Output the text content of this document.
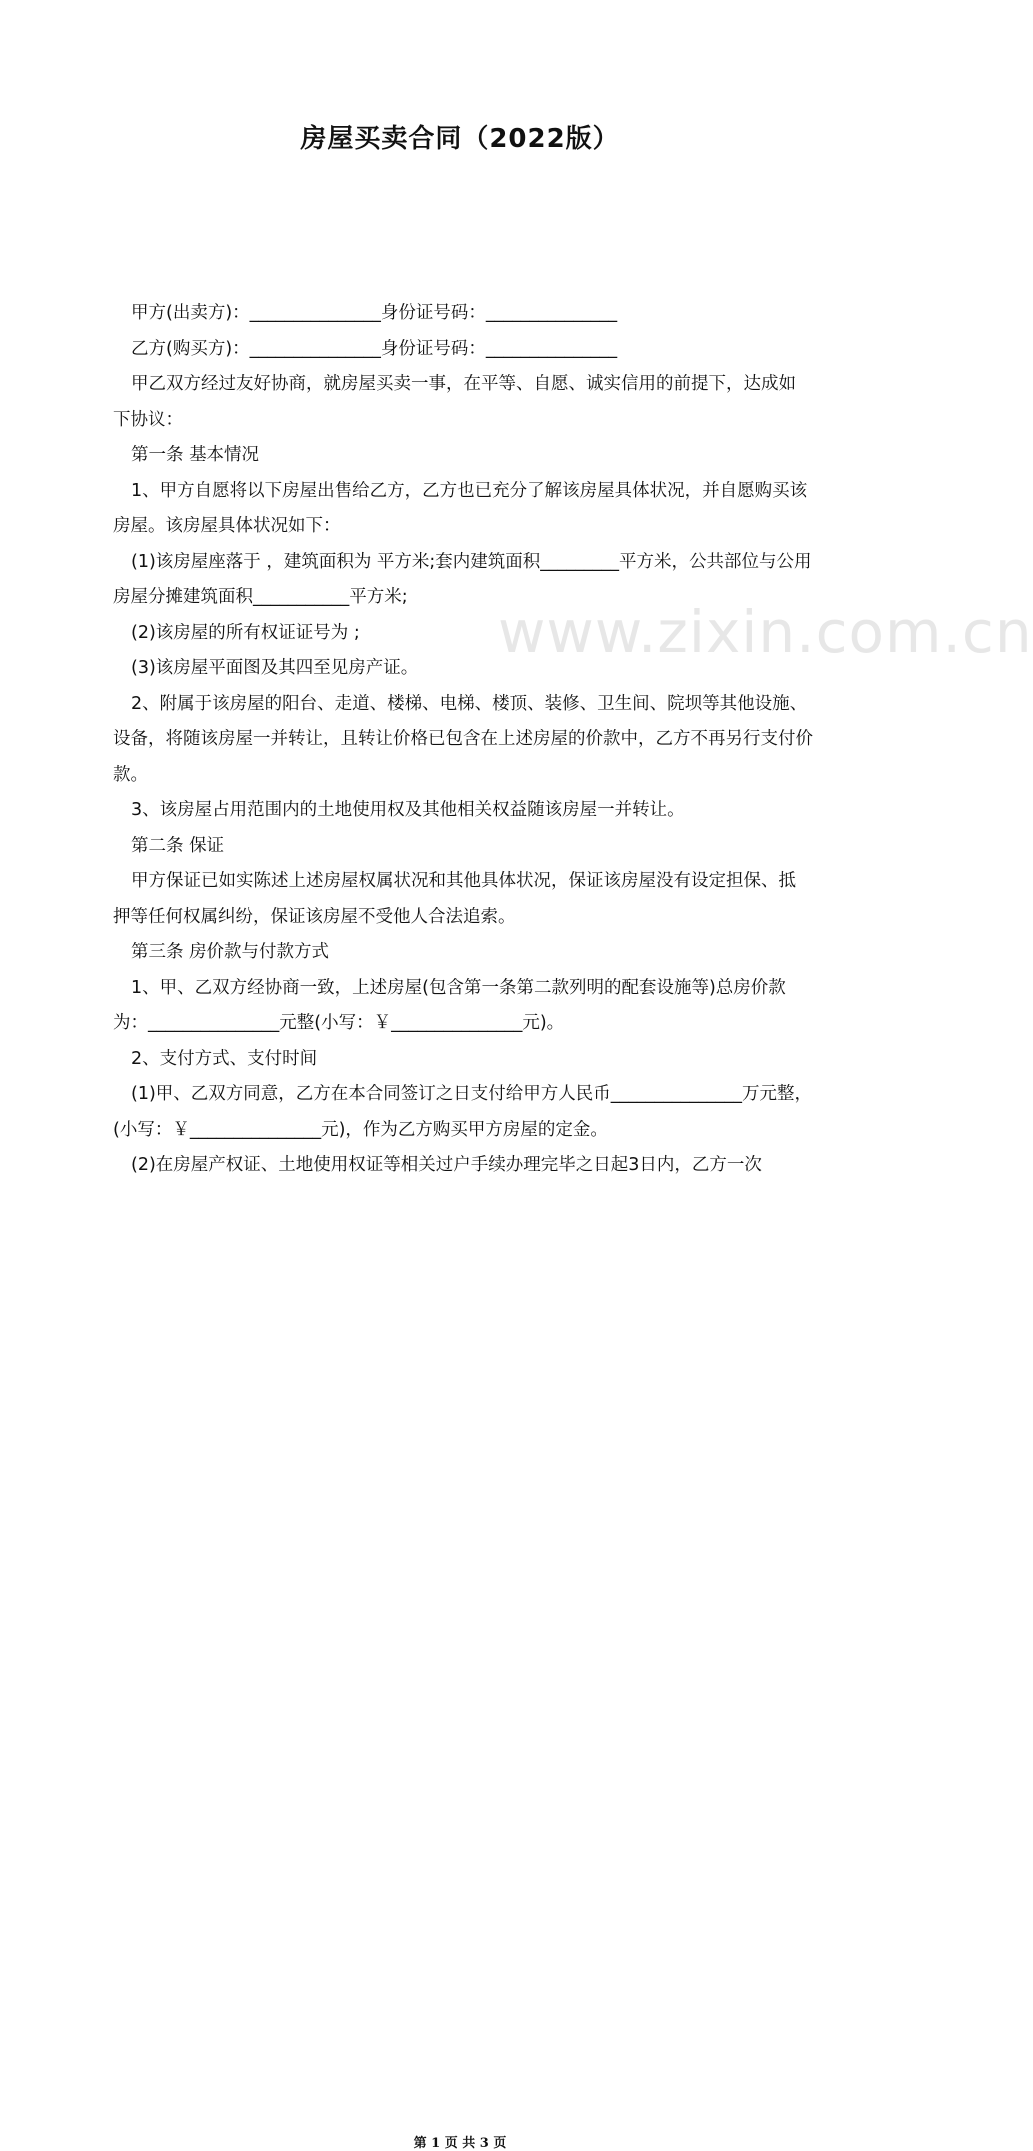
www.zixin.com.cn
房屋买卖合同（2022版）

甲方(出卖方)：_______________身份证号码：_______________

乙方(购买方)：_______________身份证号码：_______________

甲乙双方经过友好协商，就房屋买卖一事，在平等、自愿、诚实信用的前提下，达成如下协议：

第一条 基本情况

1、甲方自愿将以下房屋出售给乙方，乙方也已充分了解该房屋具体状况，并自愿购买该房屋。该房屋具体状况如下：

(1)该房屋座落于 ，建筑面积为 平方米;套内建筑面积_________平方米，公共部位与公用房屋分摊建筑面积___________平方米;

(2)该房屋的所有权证证号为 ;

(3)该房屋平面图及其四至见房产证。

2、附属于该房屋的阳台、走道、楼梯、电梯、楼顶、装修、卫生间、院坝等其他设施、设备，将随该房屋一并转让，且转让价格已包含在上述房屋的价款中，乙方不再另行支付价款。

3、该房屋占用范围内的土地使用权及其他相关权益随该房屋一并转让。

第二条 保证

甲方保证已如实陈述上述房屋权属状况和其他具体状况，保证该房屋没有设定担保、抵押等任何权属纠纷，保证该房屋不受他人合法追索。

第三条 房价款与付款方式

1、甲、乙双方经协商一致，上述房屋(包含第一条第二款列明的配套设施等)总房价款为：_______________元整(小写：￥_______________元)。

2、支付方式、支付时间

(1)甲、乙双方同意，乙方在本合同签订之日支付给甲方人民币_______________万元整，(小写：￥_______________元)，作为乙方购买甲方房屋的定金。

(2)在房屋产权证、土地使用权证等相关过户手续办理完毕之日起3日内，乙方一次

第 1 页 共 3 页
